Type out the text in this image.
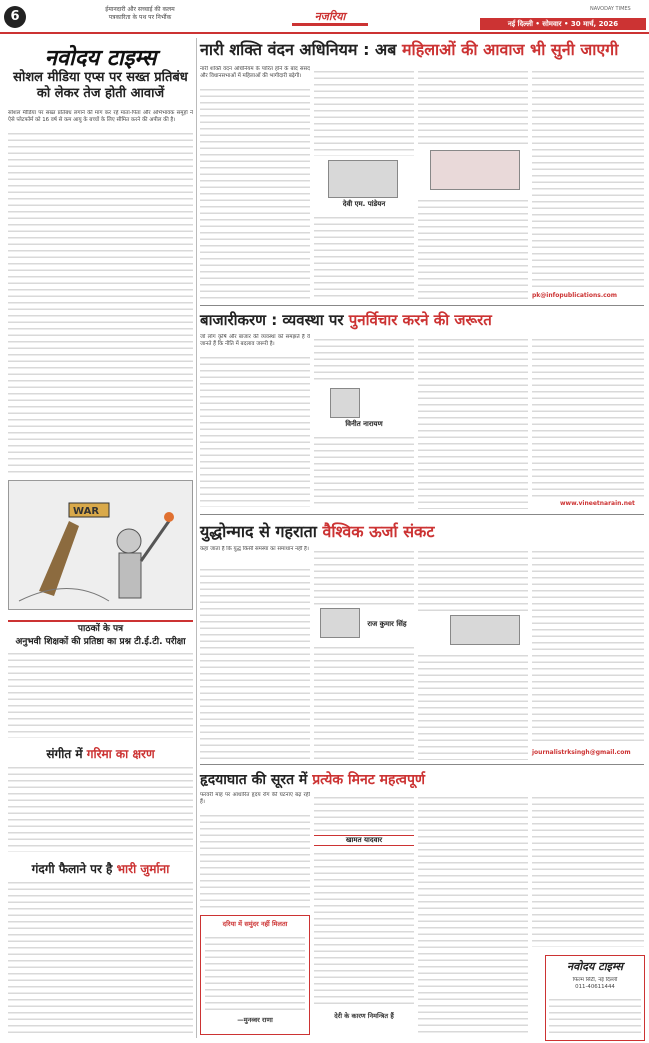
6	ईमानदारी और सच्चाई की कलम
पत्रकारिता के पथ पर निर्भीक	नजरिया
NAVODAY TIMES
नई दिल्ली • सोमवार • 30 मार्च, 2026
नवोदय टाइम्स
सोशल मीडिया एप्स पर सख्त प्रतिबंध को लेकर तेज होती आवाजें
सोशल मीडिया पर सख्त प्रतिबंध लगाने की मांग कर रहे माता-पिता और अभिभावक समूहों ने ऐसे प्लेटफॉर्म को 16 वर्ष से कम आयु के बच्चों के लिए सीमित करने की अपील की है।
WAR
पाठकों के पत्र
अनुभवी शिक्षकों की प्रतिष्ठा का प्रश्न टी.ई.टी. परीक्षा
संगीत में गरिमा का क्षरण
गंदगी फैलाने पर है भारी जुर्माना
नारी शक्ति वंदन अधिनियम : अब महिलाओं की आवाज भी सुनी जाएगी
नारी शक्ति वंदन अधिनियम के पारित होने के बाद संसद और विधानसभाओं में महिलाओं की भागीदारी बढ़ेगी।
देवी एम. पांडेयन
pk@infopublications.com
बाजारीकरण : व्यवस्था पर पुनर्विचार करने की जरूरत
जो लोग कृषि और बाजार की व्यवस्था को समझते हैं वे जानते हैं कि नीति में बदलाव जरूरी है।
विनीत नारायण
www.vineetnarain.net
युद्धोन्माद से गहराता वैश्विक ऊर्जा संकट
कहा जाता है कि युद्ध किसी समस्या का समाधान नहीं है।
राज कुमार सिंह
journalistrksingh@gmail.com
हृदयाघात की सूरत में प्रत्येक मिनट महत्वपूर्ण
फरवरी माह पर आधारित हृदय रोग की घटनाएं बढ़ रही हैं।
दरिया में समुंदर नहीं मिलता
—मुनव्वर राणा
खामत यादवार
देरी के कारण निमन्त्रित हैं
नवोदय टाइम्स
फिल्म सिटी, नई दिल्ली
011-40611444
